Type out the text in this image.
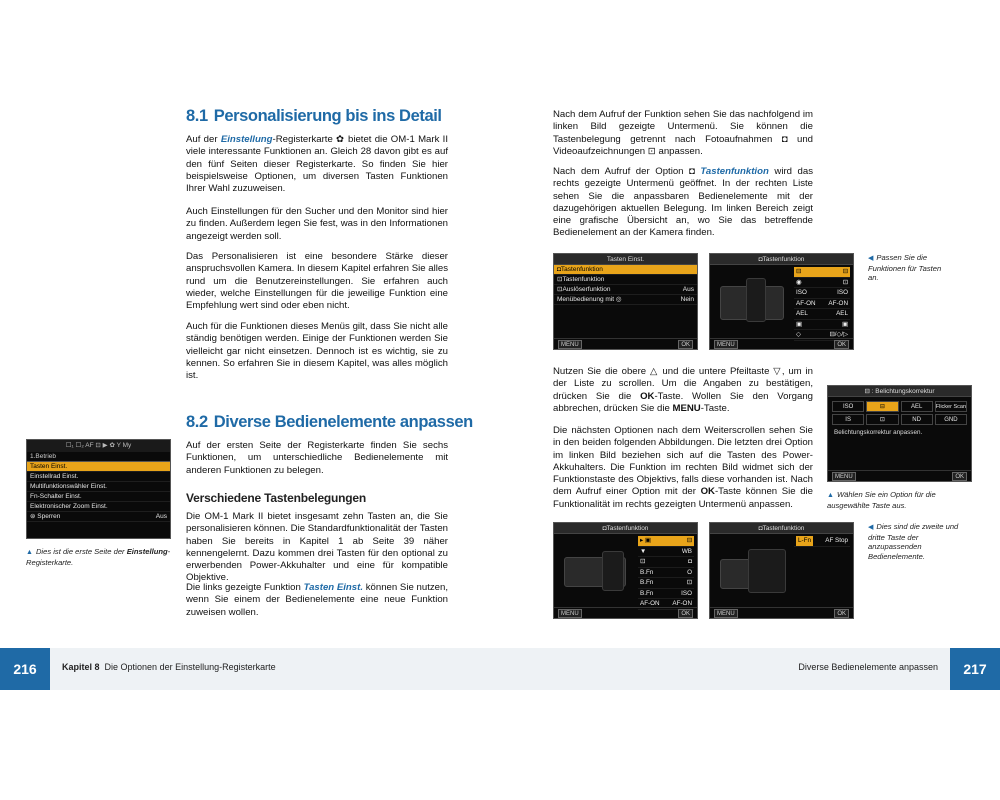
8.1 Personalisierung bis ins Detail

Auf der Einstellung-Registerkarte ✿ bietet die OM-1 Mark II viele interessante Funktionen an. Gleich 28 davon gibt es auf den fünf Seiten dieser Registerkarte. So finden Sie hier beispielsweise Optionen, um diversen Tasten Funktionen Ihrer Wahl zuzuweisen.

Auch Einstellungen für den Sucher und den Monitor sind hier zu finden. Außerdem legen Sie fest, was in den Informationen angezeigt werden soll.

Das Personalisieren ist eine besondere Stärke dieser anspruchsvollen Kamera. In diesem Kapitel erfahren Sie alles rund um die Benutzereinstellungen. Sie erfahren auch wieder, welche Einstellungen für die jeweilige Funktion eine Empfehlung wert sind oder eben nicht.

Auch für die Funktionen dieses Menüs gilt, dass Sie nicht alle ständig benötigen werden. Einige der Funktionen werden Sie vielleicht gar nicht einsetzen. Dennoch ist es wichtig, sie zu kennen. So erfahren Sie in diesem Kapitel, was alles möglich ist.

8.2 Diverse Bedienelemente anpassen

Auf der ersten Seite der Registerkarte finden Sie sechs Funktionen, um unterschiedliche Bedienelemente mit anderen Funktionen zu belegen.

Verschiedene Tastenbelegungen

Die OM-1 Mark II bietet insgesamt zehn Tasten an, die Sie personalisieren können. Die Standardfunktionalität der Tasten haben Sie bereits in Kapitel 1 ab Seite 39 näher kennengelernt. Dazu kommen drei Tasten für den optional zu erwerbenden Power-Akkuhalter und eine für kompatible Objektive.

Die links gezeigte Funktion Tasten Einst. können Sie nutzen, wenn Sie einem der Bedienelemente eine neue Funktion zuweisen wollen.

☐₁ ☐₂ AF ⊡ ▶ ✿ Y My
1.Betrieb
Tasten Einst.
Einstellrad Einst.
Multifunktionswähler Einst.
Fn-Schalter Einst.
Elektronischer Zoom Einst.
⊜ Sperren	Aus
▲ Dies ist die erste Seite der Einstellung-Registerkarte.

Nach dem Aufruf der Funktion sehen Sie das nachfolgend im linken Bild gezeigte Untermenü. Sie können die Tastenbelegung getrennt nach Fotoaufnahmen ◘ und Videoaufzeichnungen ⊡ anpassen.

Nach dem Aufruf der Option ◘ Tastenfunktion wird das rechts gezeigte Untermenü geöffnet. In der rechten Liste sehen Sie die anpassbaren Bedienelemente mit der dazugehörigen aktuellen Belegung. Im linken Bereich zeigt eine grafische Übersicht an, wo Sie das betreffende Bedienelement an der Kamera finden.

Tasten Einst.
◘Tastenfunktion
⊡Tastenfunktion
⊡Auslöserfunktion	Aus
Menübedienung mit ◎	Nein
MENU	OK
◘Tastenfunktion
⊟	⊟
◉	⊡
ISO	ISO
AF-ON AF-ON
AEL	AEL
▣	▣
◇	⊟/◇/▷
MENU	OK
◀ Passen Sie die Funktionen für Tasten an.

Nutzen Sie die obere △ und die untere Pfeiltaste ▽, um in der Liste zu scrollen. Um die Angaben zu bestätigen, drücken Sie die OK-Taste. Wollen Sie den Vorgang abbrechen, drücken Sie die MENU-Taste.

Die nächsten Optionen nach dem Weiterscrollen sehen Sie in den beiden folgenden Abbildungen. Die letzten drei Option im linken Bild beziehen sich auf die Tasten des Power-Akkuhalters. Die Funktion im rechten Bild widmet sich der Funktionstaste des Objektivs, falls diese vorhanden ist. Nach dem Aufruf einer Option mit der OK-Taste können Sie die Funktionalität im rechts gezeigten Untermenü anpassen.

⊟ : Belichtungskorrektur
ISO	⊟	AEL	Flicker Scan
IS	⊡	ND	GND
Belichtungskorrektur anpassen.
MENU	OK
▲ Wählen Sie ein Option für die ausgewählte Taste aus.
◘Tastenfunktion
▸ ▣	⊟
▼	WB
⊡	◘
B.Fn	O
B.Fn	⊡
B.Fn	ISO
AF-ON AF-ON
MENU	OK
◘Tastenfunktion
L-Fn	AF Stop
MENU	OK
◀ Dies sind die zweite und dritte Taste der anzupassenden Bedienelemente.
216	Kapitel 8 Die Optionen der Einstellung-Registerkarte	Diverse Bedienelemente anpassen	217
